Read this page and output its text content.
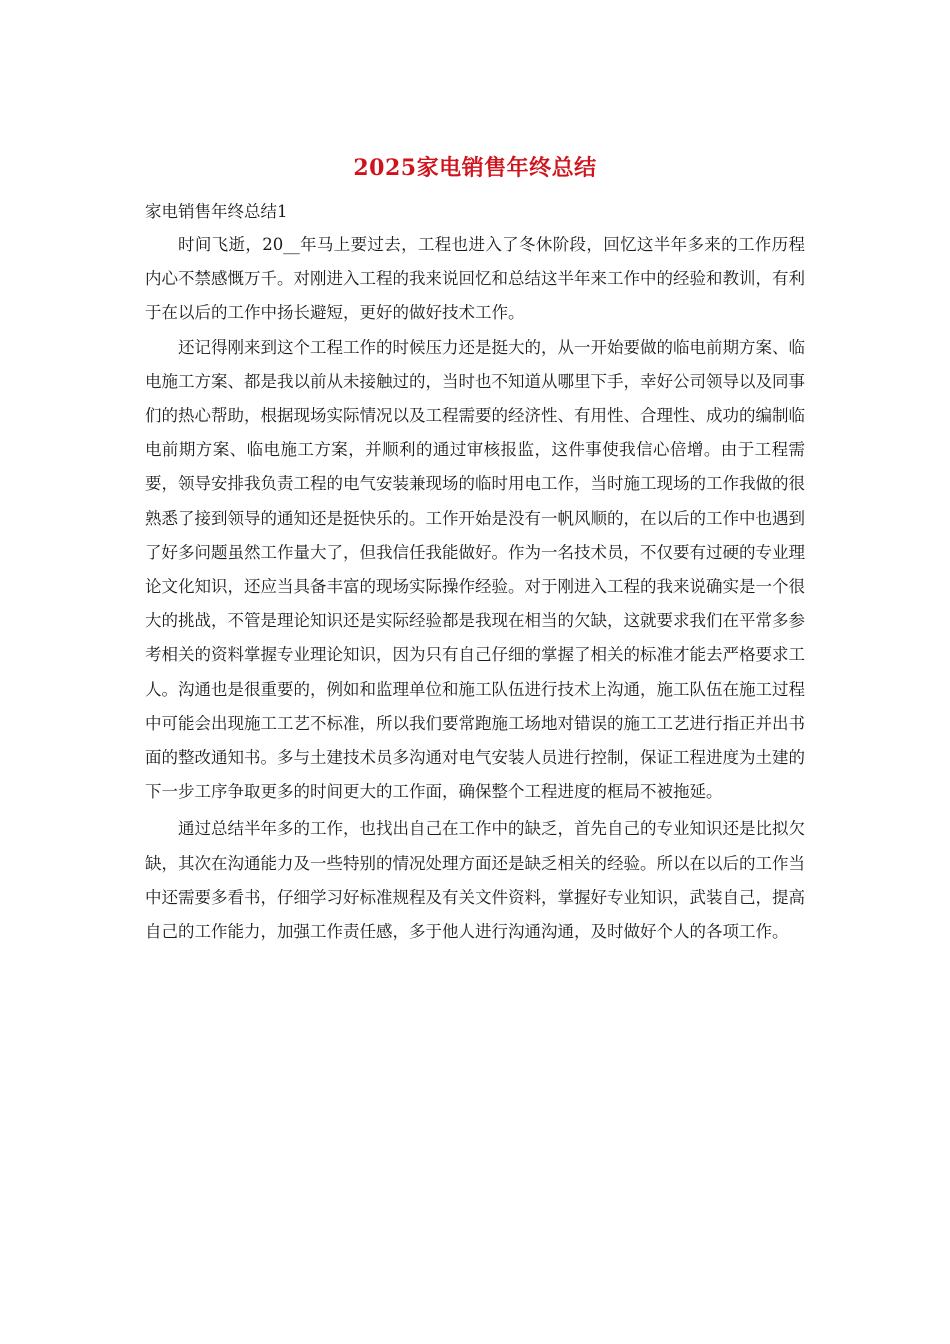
2025家电销售年终总结

家电销售年终总结1

时间飞逝，20__年马上要过去，工程也进入了冬休阶段，回忆这半年多来的工作历程内心不禁感慨万千。对刚进入工程的我来说回忆和总结这半年来工作中的经验和教训，有利于在以后的工作中扬长避短，更好的做好技术工作。

还记得刚来到这个工程工作的时候压力还是挺大的，从一开始要做的临电前期方案、临电施工方案、都是我以前从未接触过的，当时也不知道从哪里下手，幸好公司领导以及同事们的热心帮助，根据现场实际情况以及工程需要的经济性、有用性、合理性、成功的编制临电前期方案、临电施工方案，并顺利的通过审核报监，这件事使我信心倍增。由于工程需要，领导安排我负责工程的电气安装兼现场的临时用电工作，当时施工现场的工作我做的很熟悉了接到领导的通知还是挺快乐的。工作开始是没有一帆风顺的，在以后的工作中也遇到了好多问题虽然工作量大了，但我信任我能做好。作为一名技术员，不仅要有过硬的专业理论文化知识，还应当具备丰富的现场实际操作经验。对于刚进入工程的我来说确实是一个很大的挑战，不管是理论知识还是实际经验都是我现在相当的欠缺，这就要求我们在平常多参考相关的资料掌握专业理论知识，因为只有自己仔细的掌握了相关的标准才能去严格要求工人。沟通也是很重要的，例如和监理单位和施工队伍进行技术上沟通，施工队伍在施工过程中可能会出现施工工艺不标准，所以我们要常跑施工场地对错误的施工工艺进行指正并出书面的整改通知书。多与土建技术员多沟通对电气安装人员进行控制，保证工程进度为土建的下一步工序争取更多的时间更大的工作面，确保整个工程进度的框局不被拖延。

通过总结半年多的工作，也找出自己在工作中的缺乏，首先自己的专业知识还是比拟欠缺，其次在沟通能力及一些特别的情况处理方面还是缺乏相关的经验。所以在以后的工作当中还需要多看书，仔细学习好标准规程及有关文件资料，掌握好专业知识，武装自己，提高自己的工作能力，加强工作责任感，多于他人进行沟通沟通，及时做好个人的各项工作。
